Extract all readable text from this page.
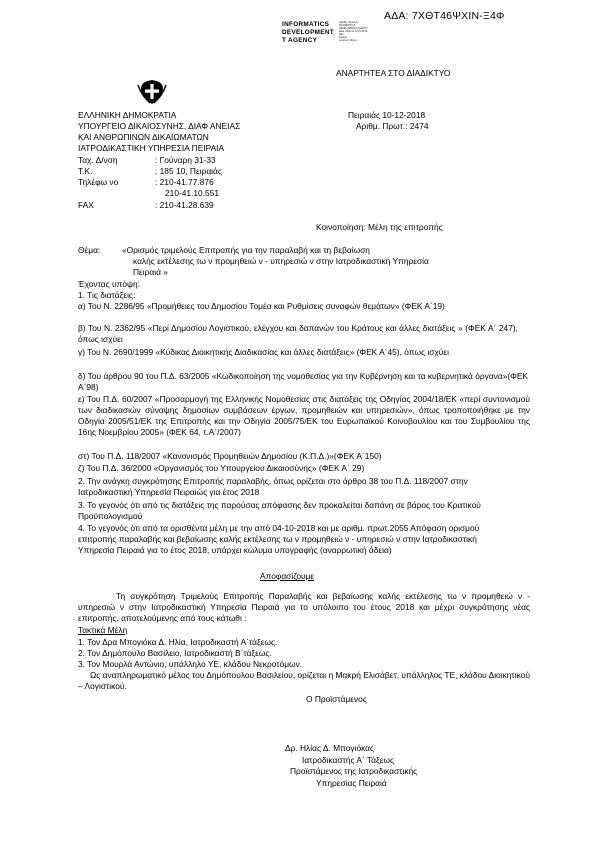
ΑΔΑ: 7ΧΘΤ46ΨΧΙΝ-Ξ4Φ
INFORMATICS
DEVELOPMENT
T AGENCY
Digitally signed by
INFORMATICS
DEVELOPMENT AGENCY
Date: 2018.12.10 15:15:59
EET
Reason:
Location: Athens
ΑΝΑΡΤΗΤΕΑ ΣΤΟ ΔΙΑΔΙΚΤΥΟ
ΕΛΛΗΝΙΚΗ ΔΗΜΟΚΡΑΤΙΑ
ΥΠΟΥΡΓΕΙΟ ΔΙΚΑΙΟΣΥΝΗΣ, ΔΙΑΦ ΑΝΕΙΑΣ
ΚΑΙ ΑΝΘΡΩΠΙΝΩΝ ΔΙΚΑΙΩΜΑΤΩΝ
ΙΑΤΡΟΔΙΚΑΣΤΙΚΗ ΥΠΗΡΕΣΙΑ ΠΕΙΡΑΙΑ
Πειραιάς 10-12-2018
Αριθμ. Πρωτ.: 2474
Ταχ. Δ/νση	: Γούναρη 31-33
T.K.	: 185 10, Πειραιάς
Τηλέφω νο	: 210-41.77.876
210-41.10.551
FAX	: 210-41.28.639
Κοινοποίηση: Μέλη της επιτροπής
Θέμα:	«Ορισμός τριμελούς Επιτροπής για την παραλαβή και τη βεβαίωση
καλής εκτέλεσης τω ν προμηθειώ ν - υπηρεσιώ ν στην Ιατροδικαστική Υπηρεσία
Πειραιά »
Έχοντας υπόψη:
1. Τις διατάξεις:
α) Του Ν. 2286/95 «Προμήθειες του Δημοσίου Τομέα και Ρυθμίσεις συναφών θεμάτων» (ΦΕΚ Α΄19)
β) Του Ν. 2362/95 «Περί Δημοσίου Λογιστικού, ελέγχου και δαπανών του Κράτους και άλλες διατάξεις » (ΦΕΚ Α΄ 247), όπως ισχύει
γ) Του Ν. 2690/1999 «Κύδικας Διοικητικής Διαδικασίας και άλλες διατάξεις» (ΦΕΚ Α΄45), όπως ισχύει
δ) Του άρθρου 90 του Π.Δ. 63/2005 «Κωδικοποίηση της νομοθεσίας για την Κυβέρνηση και τα κυβερνητικά όργανα»(ΦΕΚ Α΄98)
ε) Του Π.Δ. 60/2007 «Προσαρμογή της Ελληνικής Νομοθεσίας στις διατάξεις της Οδηγίας 2004/18/ΕΚ «περί συντονισμού των διαδικασιών σύναψης δημοσίων συμβάσεων έργων, προμηθειών και υπηρεσιών», όπως τροποποιήθηκε με την Οδηγία 2005/51/ΕΚ της Επιτροπής και την Οδηγία 2005/75/ΕΚ του Ευρωπαϊκού Κοινοβουλίου και του Συμβουλίου της 16ης Νοεμβρίου 2005» (ΦΕΚ 64, τ.Α΄/2007)
στ) Του Π.Δ. 118/2007 «Κανονισμός Προμηθειών Δημοσίου (Κ.Π.Δ.)»(ΦΕΚ Α΄150)
ζ) Του Π.Δ. 36/2000 «Οργανισμός του Υπουργείου Δικαιοσύνης» (ΦΕΚ Α΄ 29)
2. Την ανάγκη συγκρότησης Επιτροπής παραλαβής, όπως ορίζεται στο άρθρο 38 του Π.Δ. 118/2007 στην Ιατροδικαστική Υπηρεσία Πειραιώς για έτος 2018
3. Το γεγονός ότι από τις διατάξεις της παρούσας απόφασης δεν προκαλείται δαπάνη σε βάρος του Κρατικού Προϋπολογισμού
4. Το γεγονός ότι από τα ορισθέντα μέλη με την από 04-10-2018 και με αριθμ. πρωτ.2055 Απόφαση ορισμού επιτροπής παραλαβής και βεβαίωσης καλής εκτέλεσης τω ν προμηθειώ ν - υπηρεσιώ ν στην Ιατροδικαστική Υπηρεσία Πειραιά για το έτος 2018, υπάρχει κώλυμα υπογραφής (αναρρωτική άδεια)
Αποφασίζουμε
Τη συγκρότηση Τριμελούς Επιτροπής Παραλαβής και βεβαίωσης καλής εκτέλεσης τω ν προμηθειώ ν - υπηρεσιώ ν στην Ιατροδικαστική Υπηρεσία Πειραιά για το υπόλοιπο του έτους 2018 και μέχρι συγκρότησης νέας επιτροπής, αποτελούμενης από τους κάτωθι :
Τακτικά Μέλη
1. Τον Δρα Μπογιόκα Δ. Ηλία, Ιατροδικαστή Α΄τάξεως.
2. Τον Δημόπουλο Βασίλειο, Ιατροδικαστή Β΄τάξεως.
3. Τον Μουρλά Αντώνιο, υπάλληλο ΥΕ, κλάδου Νεκροτόμων.
Ως αναπληρωματικό μέλος του Δημόπουλου Βασιλείου, ορίζεται η Μακρή Ελισάβετ, υπάλληλος ΤΕ, κλάδου Διοικητικού – Λογιστικού.
Ο Προϊστάμενος
Δρ. Ηλίας Δ. Μπογιόκας
Ιατροδικαστής Α΄ Τάξεως
Προϊστάμενος της Ιατροδικαστικής
Υπηρεσίας Πειραιά
